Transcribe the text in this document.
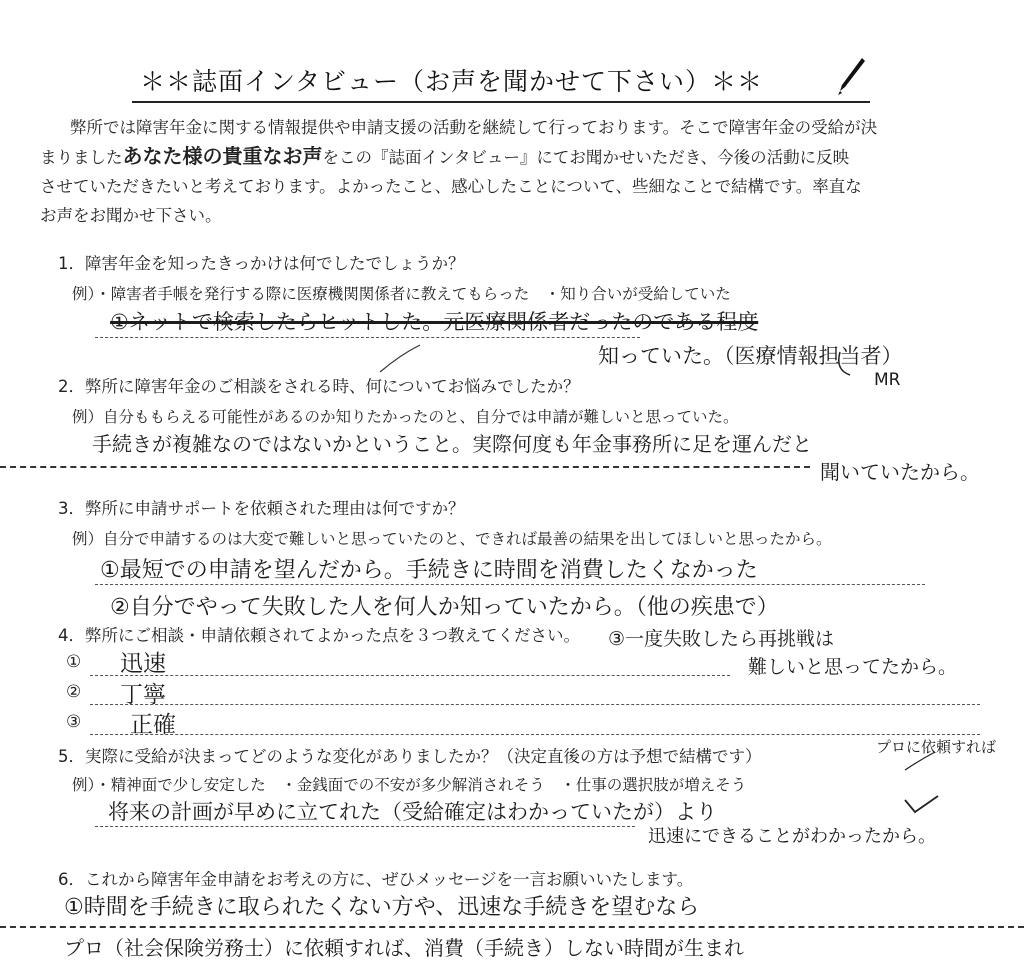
＊＊誌面インタビュー（お声を聞かせて下さい）＊＊
弊所では障害年金に関する情報提供や申請支援の活動を継続して行っております。そこで障害年金の受給が決
まりましたあなた様の貴重なお声をこの『誌面インタビュー』にてお聞かせいただき、今後の活動に反映
させていただきたいと考えております。よかったこと、感心したことについて、些細なことで結構です。率直な
お声をお聞かせ下さい。
1．障害年金を知ったきっかけは何でしたでしょうか？
例）・障害者手帳を発行する際に医療機関関係者に教えてもらった　・知り合いが受給していた
①ネットで検索したらヒットした。元医療関係者だったのである程度
知っていた。（医療情報担当者）
MR
2．弊所に障害年金のご相談をされる時、何についてお悩みでしたか？
例）自分ももらえる可能性があるのか知りたかったのと、自分では申請が難しいと思っていた。
手続きが複雑なのではないかということ。実際何度も年金事務所に足を運んだと
聞いていたから。
3．弊所に申請サポートを依頼された理由は何ですか？
例）自分で申請するのは大変で難しいと思っていたのと、できれば最善の結果を出してほしいと思ったから。
①最短での申請を望んだから。手続きに時間を消費したくなかった
②自分でやって失敗した人を何人か知っていたから。（他の疾患で）
4．弊所にご相談・申請依頼されてよかった点を３つ教えてください。 ③一度失敗したら再挑戦は
難しいと思ってたから。
① 迅速
② 丁寧
③ 正確
5．実際に受給が決まってどのような変化がありましたか？（決定直後の方は予想で結構です）	プロに依頼すれば
例）・精神面で少し安定した　・金銭面での不安が多少解消されそう　・仕事の選択肢が増えそう
将来の計画が早めに立てれた（受給確定はわかっていたが）より
迅速にできることがわかったから。
6．これから障害年金申請をお考えの方に、ぜひメッセージを一言お願いいたします。
①時間を手続きに取られたくない方や、迅速な手続きを望むなら
プロ（社会保険労務士）に依頼すれば、消費（手続き）しない時間が生まれ
